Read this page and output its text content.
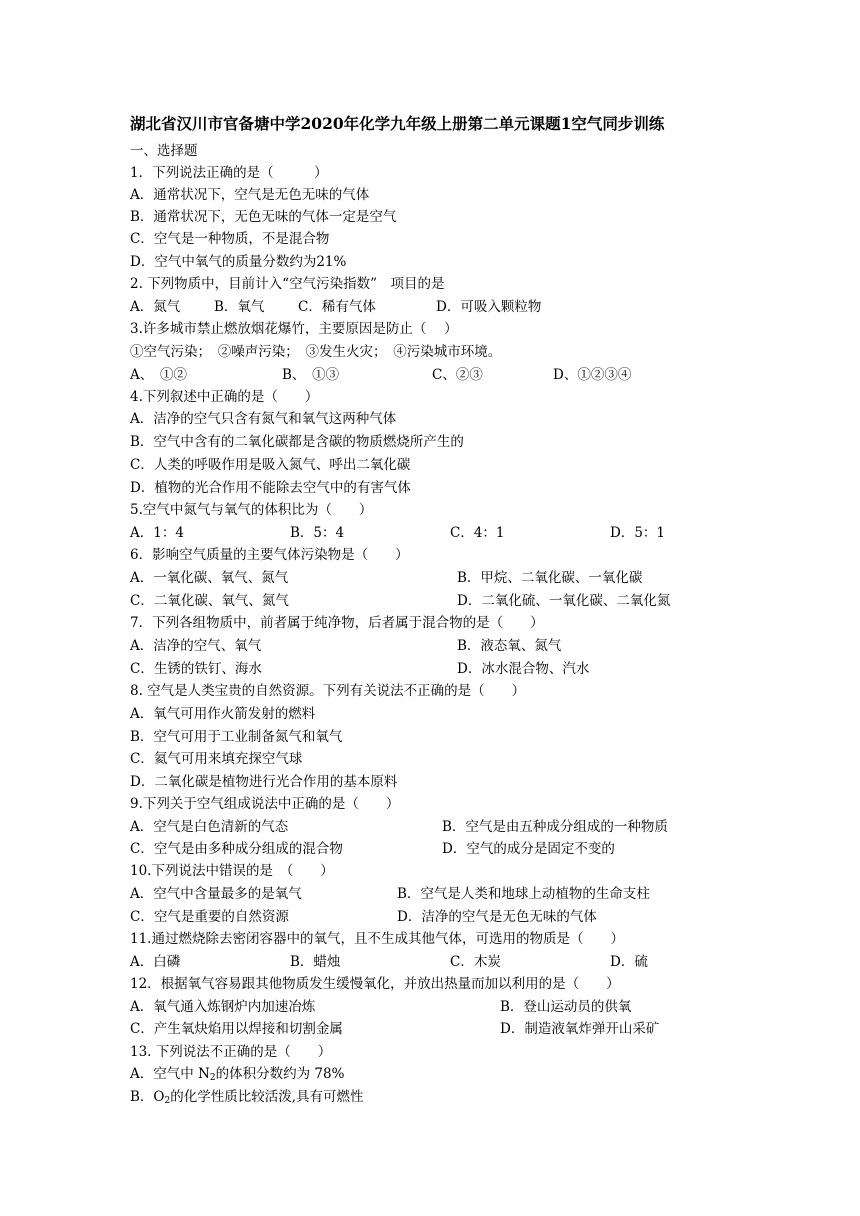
湖北省汉川市官备塘中学2020年化学九年级上册第二单元课题1空气同步训练
一、选择题
1．下列说法正确的是（　　　）
A．通常状况下，空气是无色无味的气体
B．通常状况下，无色无味的气体一定是空气
C．空气是一种物质，不是混合物
D．空气中氧气的质量分数约为21%
2. 下列物质中，目前计入“空气污染指数”　项目的是
A．氮气	B．氧气 C．稀有气体	D．可吸入颗粒物
3.许多城市禁止燃放烟花爆竹，主要原因是防止（　 ）
①空气污染；　②噪声污染；　③发生火灾；　④污染城市环境。
A、　①②	B、　①③	C、②③	D、①②③④
4.下列叙述中正确的是（　　）
A．洁净的空气只含有氮气和氧气这两种气体
B．空气中含有的二氧化碳都是含碳的物质燃烧所产生的
C．人类的呼吸作用是吸入氮气、呼出二氧化碳
D．植物的光合作用不能除去空气中的有害气体
5.空气中氮气与氧气的体积比为（　　）
A．1：4	B．5：4	C．4：1	D．5：1
6．影响空气质量的主要气体污染物是（　　）
A．一氧化碳、氧气、氮气	B．甲烷、二氧化碳、一氧化碳
C．二氧化碳、氧气、氮气	D．二氧化硫、一氧化碳、二氧化氮
7．下列各组物质中，前者属于纯净物，后者属于混合物的是（　　）
A．洁净的空气、氧气	B．液态氧、氮气
C．生锈的铁钉、海水	D．冰水混合物、汽水
8. 空气是人类宝贵的自然资源。下列有关说法不正确的是（　　）
A．氧气可用作火箭发射的燃料
B．空气可用于工业制备氮气和氧气
C．氦气可用来填充探空气球
D．二氧化碳是植物进行光合作用的基本原料
9.下列关于空气组成说法中正确的是（　　）
A．空气是白色清新的气态	B．空气是由五种成分组成的一种物质
C．空气是由多种成分组成的混合物	D．空气的成分是固定不变的
10.下列说法中错误的是　（　　）
A．空气中含量最多的是氧气	B．空气是人类和地球上动植物的生命支柱
C．空气是重要的自然资源	D．洁净的空气是无色无味的气体
11.通过燃烧除去密闭容器中的氧气，且不生成其他气体，可选用的物质是（　　）
A．白磷	B．蜡烛	C．木炭	D．硫
12．根据氧气容易跟其他物质发生缓慢氧化，并放出热量而加以利用的是（　　）
A．氧气通入炼钢炉内加速冶炼	B．登山运动员的供氧
C．产生氧炔焰用以焊接和切割金属	D．制造液氧炸弹开山采矿
13. 下列说法不正确的是（　　）
A．空气中 $N_2$的体积分数约为 78%
B．$O_2$的化学性质比较活泼,具有可燃性
